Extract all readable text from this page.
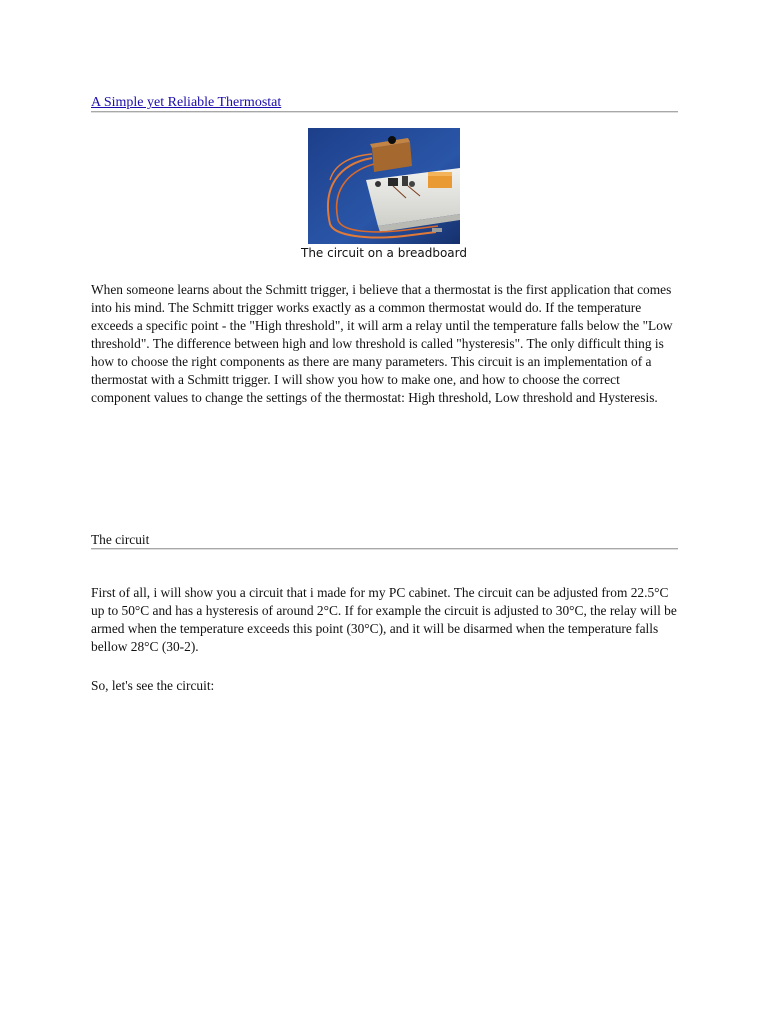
A Simple yet Reliable Thermostat
The circuit on a breadboard

When someone learns about the Schmitt trigger, i believe that a thermostat is the first application that comes into his mind. The Schmitt trigger works exactly as a common thermostat would do. If the temperature exceeds a specific point - the "High threshold", it will arm a relay until the temperature falls below the "Low threshold". The difference between high and low threshold is called "hysteresis". The only difficult thing is how to choose the right components as there are many parameters. This circuit is an implementation of a thermostat with a Schmitt trigger. I will show you how to make one, and how to choose the correct component values to change the settings of the thermostat: High threshold, Low threshold and Hysteresis.

The circuit

First of all, i will show you a circuit that i made for my PC cabinet. The circuit can be adjusted from 22.5°C up to 50°C and has a hysteresis of around 2°C. If for example the circuit is adjusted to 30°C, the relay will be armed when the temperature exceeds this point (30°C), and it will be disarmed when the temperature falls bellow 28°C (30-2).

So, let's see the circuit:
